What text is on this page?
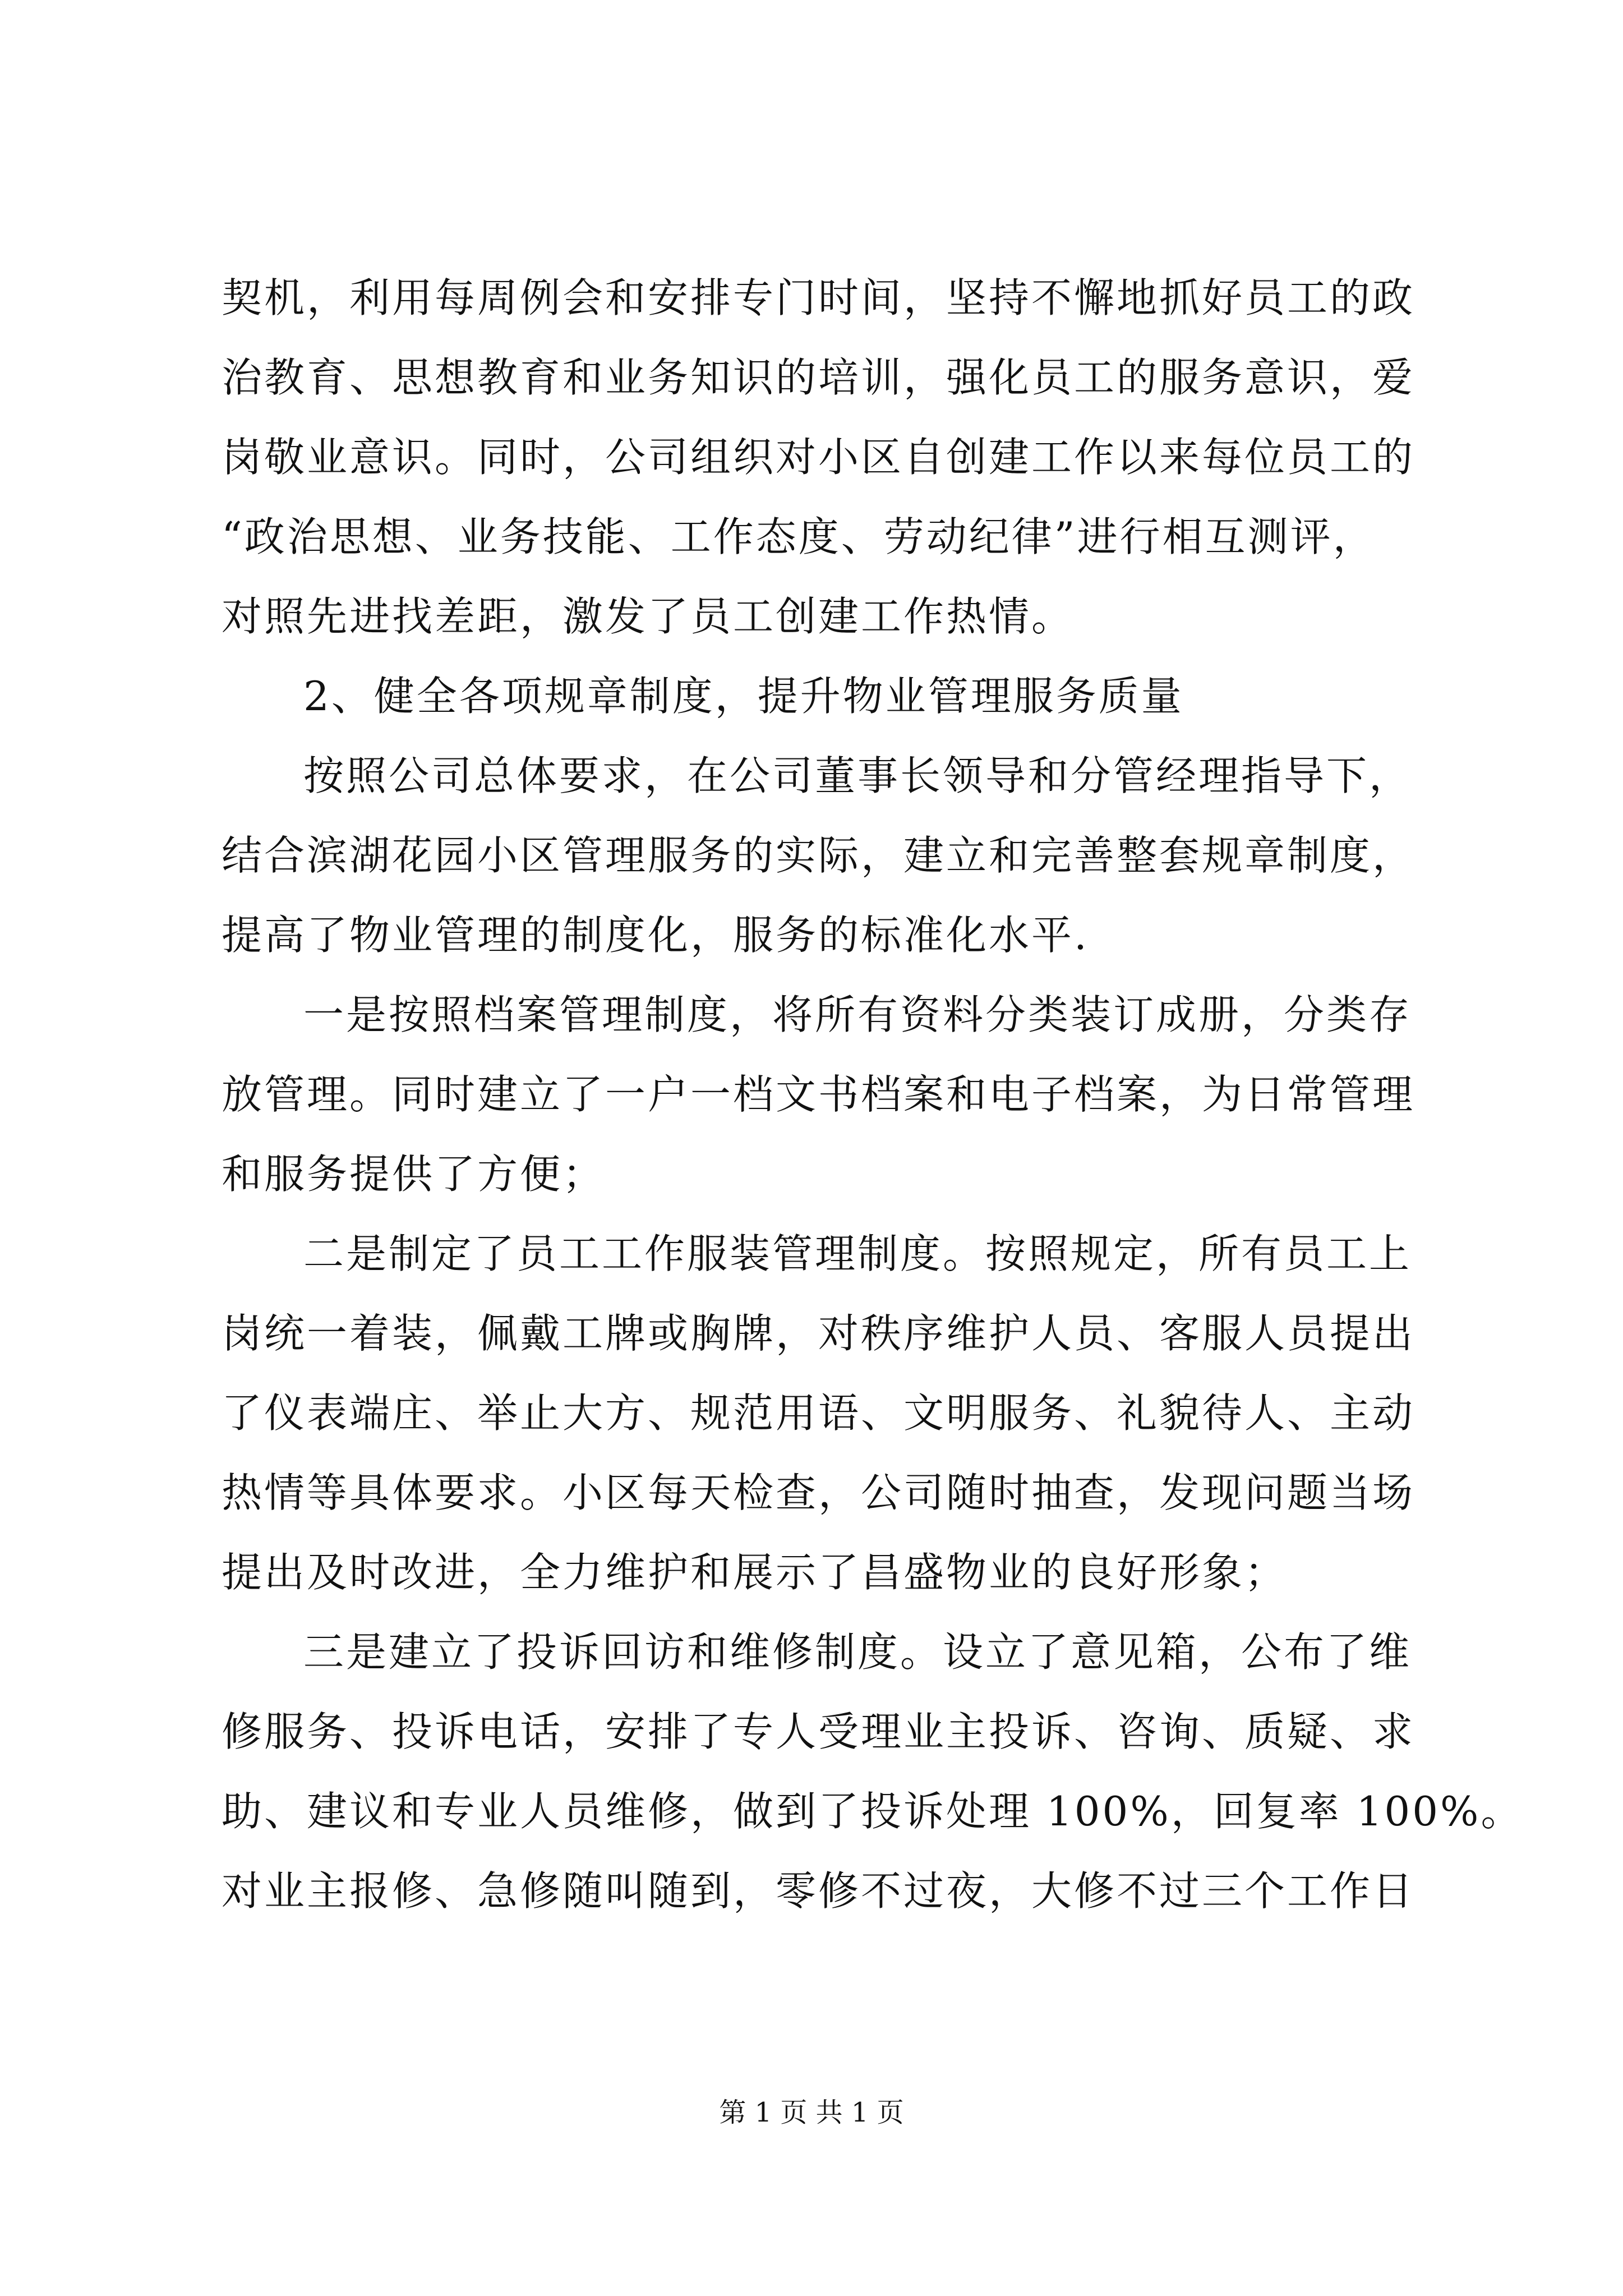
契机，利用每周例会和安排专门时间，坚持不懈地抓好员工的政
治教育、思想教育和业务知识的培训，强化员工的服务意识，爱
岗敬业意识。同时，公司组织对小区自创建工作以来每位员工的
“政治思想、业务技能、工作态度、劳动纪律”进行相互测评，
对照先进找差距，激发了员工创建工作热情。
2、健全各项规章制度，提升物业管理服务质量
按照公司总体要求，在公司董事长领导和分管经理指导下，
结合滨湖花园小区管理服务的实际，建立和完善整套规章制度，
提高了物业管理的制度化，服务的标准化水平.
一是按照档案管理制度，将所有资料分类装订成册，分类存
放管理。同时建立了一户一档文书档案和电子档案，为日常管理
和服务提供了方便；
二是制定了员工工作服装管理制度。按照规定，所有员工上
岗统一着装，佩戴工牌或胸牌，对秩序维护人员、客服人员提出
了仪表端庄、举止大方、规范用语、文明服务、礼貌待人、主动
热情等具体要求。小区每天检查，公司随时抽查，发现问题当场
提出及时改进，全力维护和展示了昌盛物业的良好形象；
三是建立了投诉回访和维修制度。设立了意见箱，公布了维
修服务、投诉电话，安排了专人受理业主投诉、咨询、质疑、求
助、建议和专业人员维修，做到了投诉处理 100%，回复率 100%。
对业主报修、急修随叫随到，零修不过夜，大修不过三个工作日
第 1 页 共 1 页
